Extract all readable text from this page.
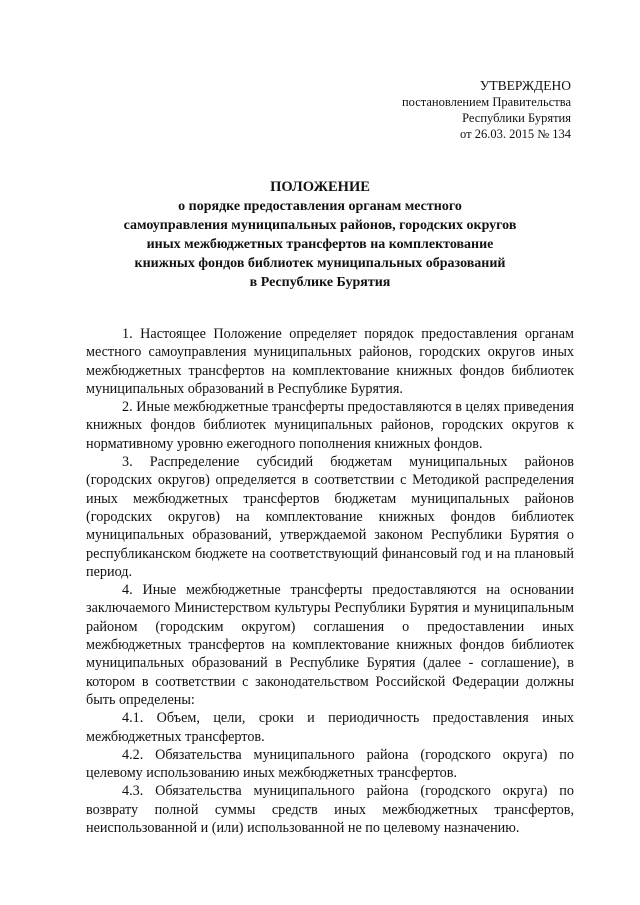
УТВЕРЖДЕНО
постановлением Правительства
Республики Бурятия
от 26.03. 2015 № 134
ПОЛОЖЕНИЕ
о порядке предоставления органам местного
самоуправления муниципальных районов, городских округов
иных межбюджетных трансфертов на комплектование
книжных фондов библиотек муниципальных образований
в Республике Бурятия

1. Настоящее Положение определяет порядок предоставления органам местного самоуправления муниципальных районов, городских округов иных межбюджетных трансфертов на комплектование книжных фондов библиотек муниципальных образований в Республике Бурятия.

2. Иные межбюджетные трансферты предоставляются в целях приведения книжных фондов библиотек муниципальных районов, городских округов к нормативному уровню ежегодного пополнения книжных фондов.

3. Распределение субсидий бюджетам муниципальных районов (городских округов) определяется в соответствии с Методикой распределения иных межбюджетных трансфертов бюджетам муниципальных районов (городских округов) на комплектование книжных фондов библиотек муниципальных образований, утверждаемой законом Республики Бурятия о республиканском бюджете на соответствующий финансовый год и на плановый период.

4. Иные межбюджетные трансферты предоставляются на основании заключаемого Министерством культуры Республики Бурятия и муниципальным районом (городским округом) соглашения о предоставлении иных межбюджетных трансфертов на комплектование книжных фондов библиотек муниципальных образований в Республике Бурятия (далее - соглашение), в котором в соответствии с законодательством Российской Федерации должны быть определены:

4.1. Объем, цели, сроки и периодичность предоставления иных межбюджетных трансфертов.

4.2. Обязательства муниципального района (городского округа) по целевому использованию иных межбюджетных трансфертов.

4.3. Обязательства муниципального района (городского округа) по возврату полной суммы средств иных межбюджетных трансфертов, неиспользованной и (или) использованной не по целевому назначению.
